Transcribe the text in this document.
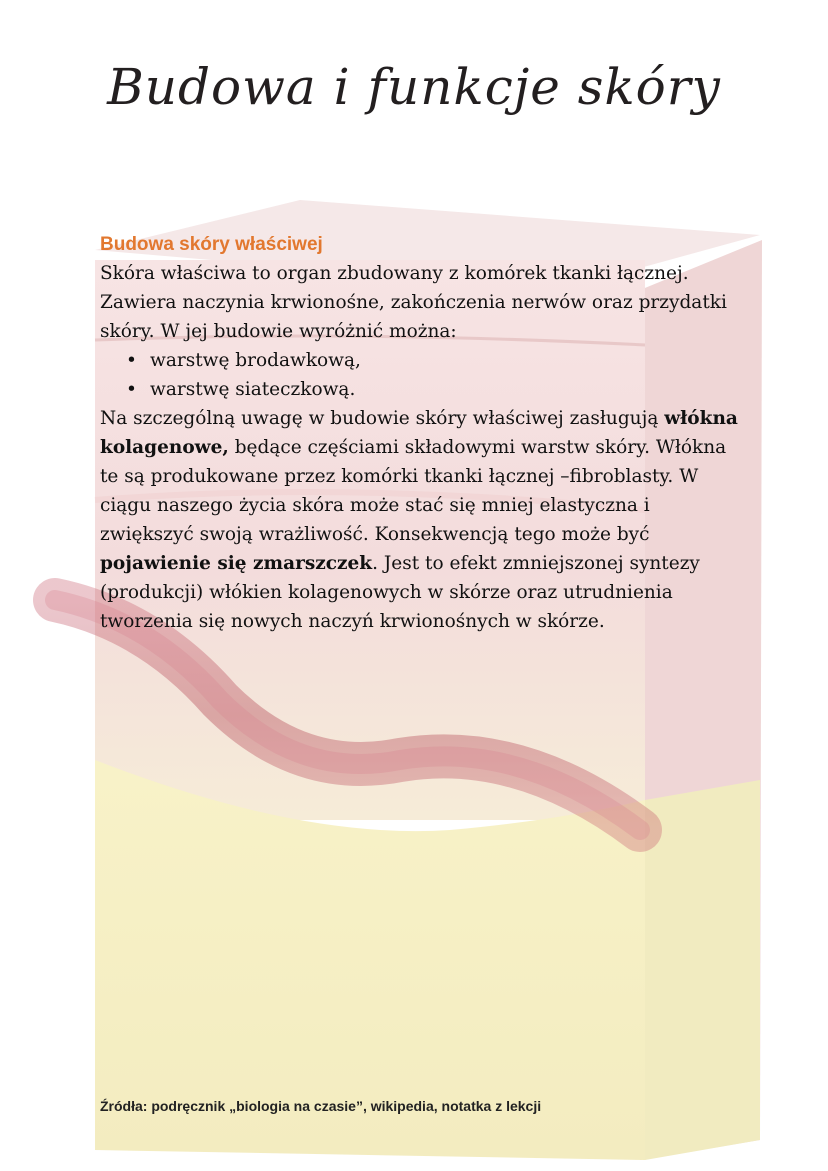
Budowa i funkcje skóry
Budowa skóry właściwej

Skóra właściwa to organ zbudowany z komórek tkanki łącznej. Zawiera naczynia krwionośne, zakończenia nerwów oraz przydatki skóry. W jej budowie wyróżnić można:

• warstwę brodawkową,
• warstwę siateczkową.

Na szczególną uwagę w budowie skóry właściwej zasługują włókna kolagenowe, będące częściami składowymi warstw skóry. Włókna te są produkowane przez komórki tkanki łącznej –fibroblasty. W ciągu naszego życia skóra może stać się mniej elastyczna i zwiększyć swoją wrażliwość. Konsekwencją tego może być pojawienie się zmarszczek. Jest to efekt zmniejszonej syntezy (produkcji) włókien kolagenowych w skórze oraz utrudnienia tworzenia się nowych naczyń krwionośnych w skórze.

Źródła: podręcznik „biologia na czasie”, wikipedia, notatka z lekcji
